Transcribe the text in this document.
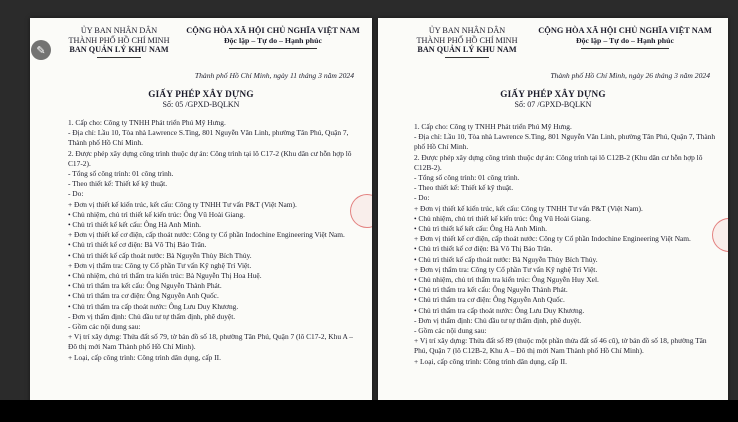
ỦY BAN NHÂN DÂN
THÀNH PHỐ HỒ CHÍ MINH
BAN QUẢN LÝ KHU NAM
CỘNG HÒA XÃ HỘI CHỦ NGHĨA VIỆT NAM
Độc lập – Tự do – Hạnh phúc
Thành phố Hồ Chí Minh, ngày 11 tháng 3 năm 2024
GIẤY PHÉP XÂY DỰNG
Số: 05 /GPXD-BQLKN
1. Cấp cho: Công ty TNHH Phát triển Phú Mỹ Hưng.
- Địa chỉ: Lầu 10, Tòa nhà Lawrence S.Ting, 801 Nguyễn Văn Linh, phường Tân Phú, Quận 7, Thành phố Hồ Chí Minh.
2. Được phép xây dựng công trình thuộc dự án: Công trình tại lô C17-2 (Khu dân cư hỗn hợp lô C17-2).
- Tổng số công trình: 01 công trình.
- Theo thiết kế: Thiết kế kỹ thuật.
- Do:
+ Đơn vị thiết kế kiến trúc, kết cấu: Công ty TNHH Tư vấn P&T (Việt Nam).
• Chủ nhiệm, chủ trì thiết kế kiến trúc: Ông Vũ Hoài Giang.
• Chủ trì thiết kế kết cấu: Ông Hà Anh Minh.
+ Đơn vị thiết kế cơ điện, cấp thoát nước: Công ty Cổ phần Indochine Engineering Việt Nam.
• Chủ trì thiết kế cơ điện: Bà Võ Thị Bảo Trân.
• Chủ trì thiết kế cấp thoát nước: Bà Nguyễn Thùy Bích Thủy.
+ Đơn vị thẩm tra: Công ty Cổ phần Tư vấn Kỹ nghệ Trí Việt.
• Chủ nhiệm, chủ trì thẩm tra kiến trúc: Bà Nguyễn Thị Hoa Huệ.
• Chủ trì thẩm tra kết cấu: Ông Nguyễn Thành Phát.
• Chủ trì thẩm tra cơ điện: Ông Nguyễn Anh Quốc.
• Chủ trì thẩm tra cấp thoát nước: Ông Lưu Duy Khương.
- Đơn vị thẩm định: Chủ đầu tư tự thẩm định, phê duyệt.
- Gồm các nội dung sau:
+ Vị trí xây dựng: Thửa đất số 79, tờ bản đồ số 18, phường Tân Phú, Quận 7 (lô C17-2, Khu A – Đô thị mới Nam Thành phố Hồ Chí Minh).
+ Loại, cấp công trình: Công trình dân dụng, cấp II.
ỦY BAN NHÂN DÂN
THÀNH PHỐ HỒ CHÍ MINH
BAN QUẢN LÝ KHU NAM
CỘNG HÒA XÃ HỘI CHỦ NGHĨA VIỆT NAM
Độc lập – Tự do – Hạnh phúc
Thành phố Hồ Chí Minh, ngày 26 tháng 3 năm 2024
GIẤY PHÉP XÂY DỰNG
Số: 07 /GPXD-BQLKN
1. Cấp cho: Công ty TNHH Phát triển Phú Mỹ Hưng.
- Địa chỉ: Lầu 10, Tòa nhà Lawrence S.Ting, 801 Nguyễn Văn Linh, phường Tân Phú, Quận 7, Thành phố Hồ Chí Minh.
2. Được phép xây dựng công trình thuộc dự án: Công trình tại lô C12B-2 (Khu dân cư hỗn hợp lô C12B-2).
- Tổng số công trình: 01 công trình.
- Theo thiết kế: Thiết kế kỹ thuật.
- Do:
+ Đơn vị thiết kế kiến trúc, kết cấu: Công ty TNHH Tư vấn P&T (Việt Nam).
• Chủ nhiệm, chủ trì thiết kế kiến trúc: Ông Vũ Hoài Giang.
• Chủ trì thiết kế kết cấu: Ông Hà Anh Minh.
+ Đơn vị thiết kế cơ điện, cấp thoát nước: Công ty Cổ phần Indochine Engineering Việt Nam.
• Chủ trì thiết kế cơ điện: Bà Võ Thị Bảo Trân.
• Chủ trì thiết kế cấp thoát nước: Bà Nguyễn Thùy Bích Thủy.
+ Đơn vị thẩm tra: Công ty Cổ phần Tư vấn Kỹ nghệ Trí Việt.
• Chủ nhiệm, chủ trì thẩm tra kiến trúc: Ông Nguyễn Huy Xel.
• Chủ trì thẩm tra kết cấu: Ông Nguyễn Thành Phát.
• Chủ trì thẩm tra cơ điện: Ông Nguyễn Anh Quốc.
• Chủ trì thẩm tra cấp thoát nước: Ông Lưu Duy Khương.
- Đơn vị thẩm định: Chủ đầu tư tự thẩm định, phê duyệt.
- Gồm các nội dung sau:
+ Vị trí xây dựng: Thửa đất số 89 (thuộc một phần thửa đất số 46 cũ), tờ bản đồ số 18, phường Tân Phú, Quận 7 (lô C12B-2, Khu A – Đô thị mới Nam Thành phố Hồ Chí Minh).
+ Loại, cấp công trình: Công trình dân dụng, cấp II.
✎
